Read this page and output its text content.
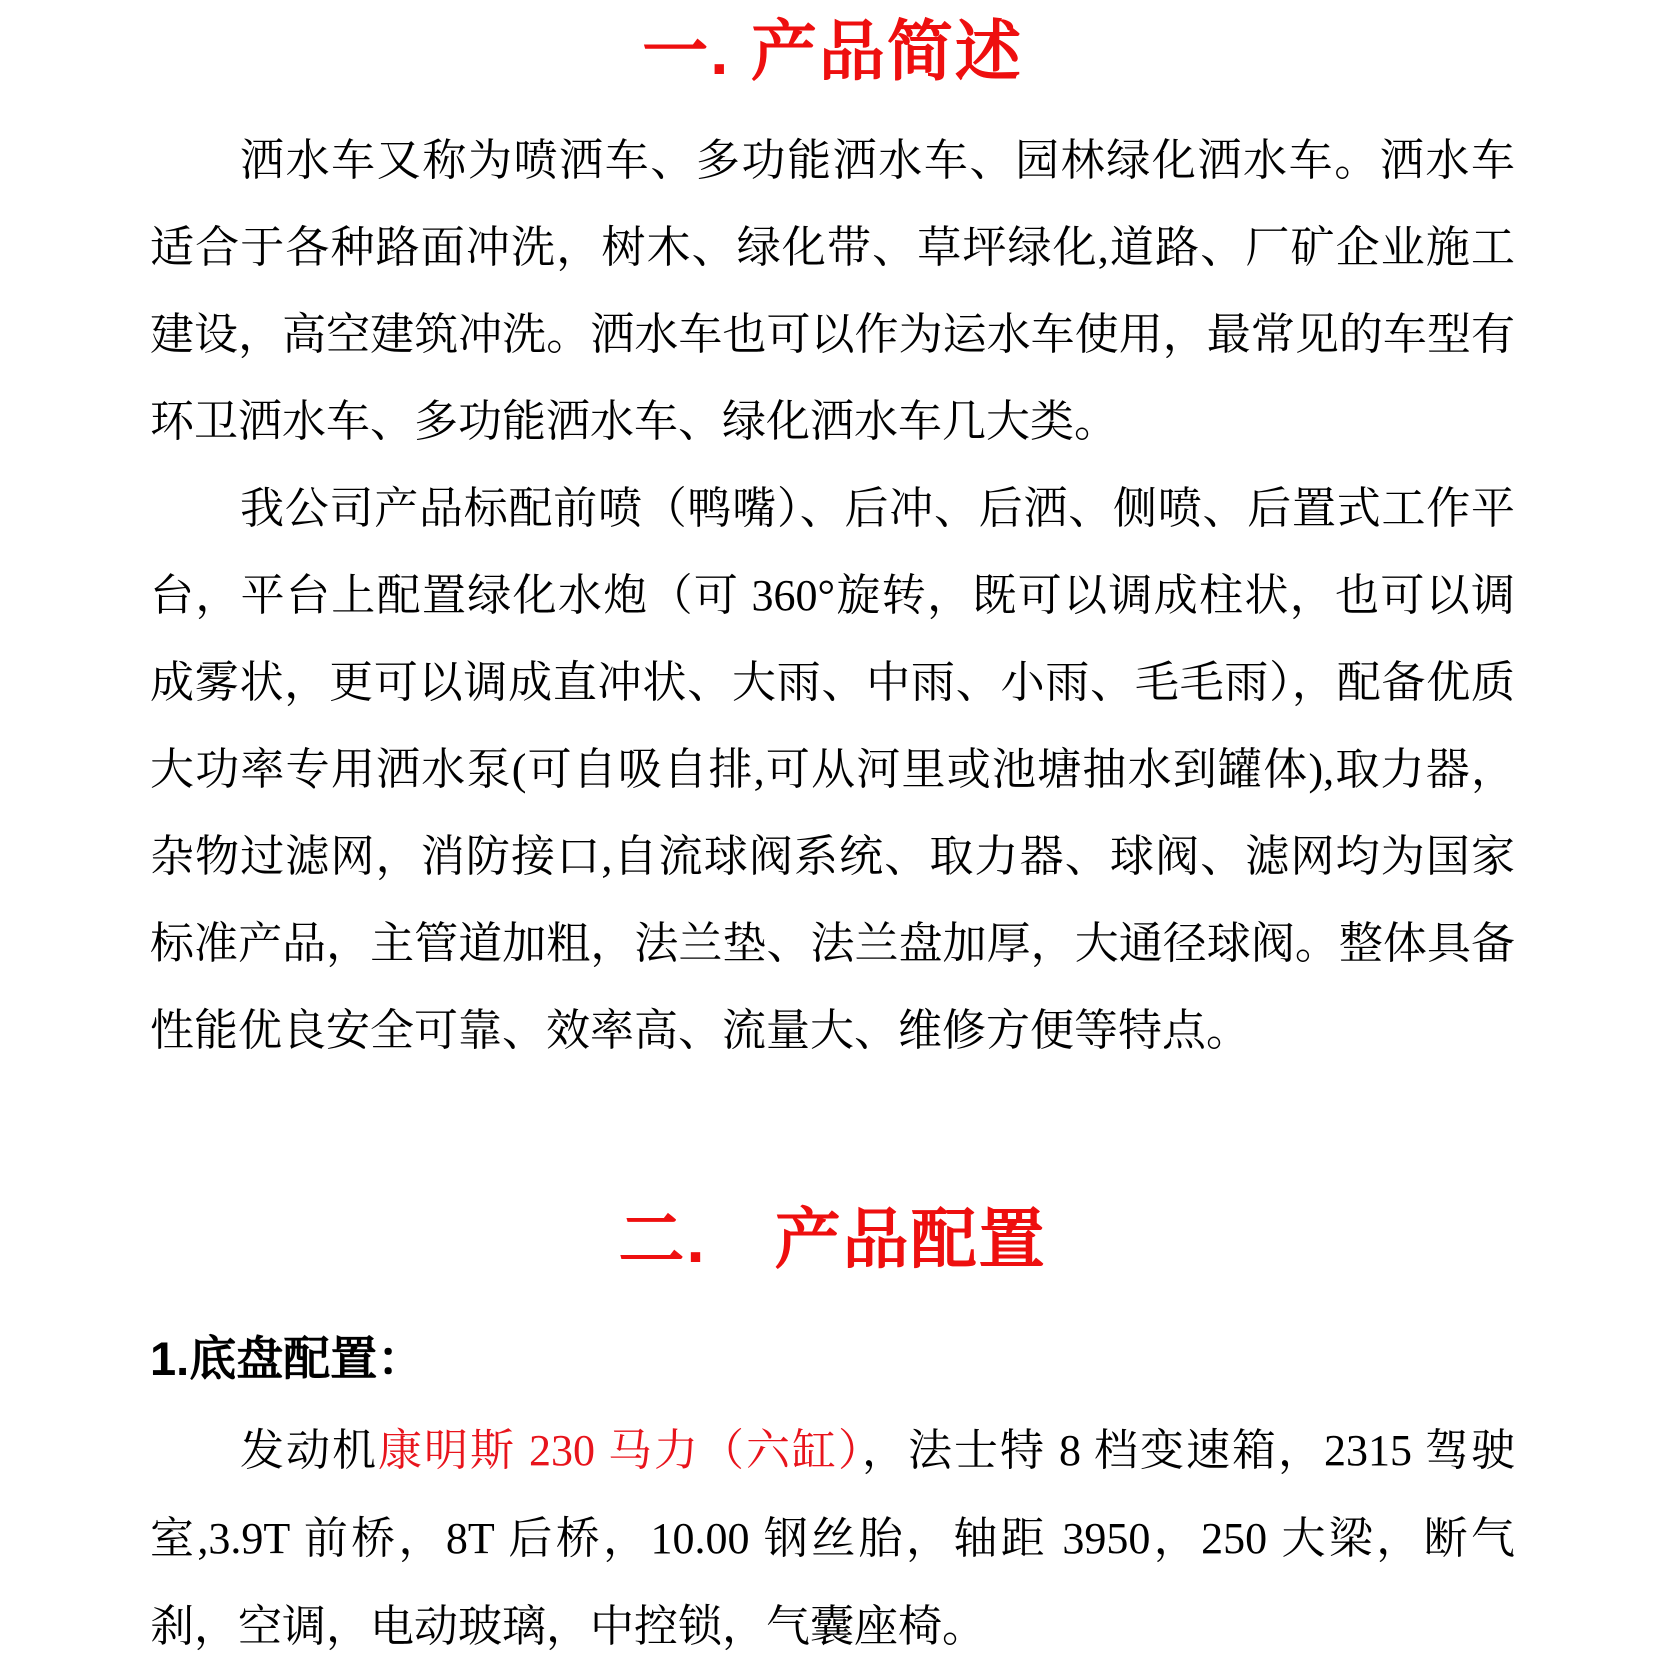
一. 产品简述

洒水车又称为喷洒车、多功能洒水车、园林绿化洒水车。洒水车适合于各种路面冲洗，树木、绿化带、草坪绿化,道路、厂矿企业施工建设，高空建筑冲洗。洒水车也可以作为运水车使用，最常见的车型有环卫洒水车、多功能洒水车、绿化洒水车几大类。

我公司产品标配前喷（鸭嘴）、后冲、后洒、侧喷、后置式工作平台，平台上配置绿化水炮（可 360°旋转，既可以调成柱状，也可以调成雾状，更可以调成直冲状、大雨、中雨、小雨、毛毛雨），配备优质大功率专用洒水泵(可自吸自排,可从河里或池塘抽水到罐体),取力器，杂物过滤网，消防接口,自流球阀系统、取力器、球阀、滤网均为国家标准产品，主管道加粗，法兰垫、法兰盘加厚，大通径球阀。整体具备性能优良安全可靠、效率高、流量大、维修方便等特点。

二.　产品配置
1.底盘配置：

发动机康明斯 230 马力（六缸），法士特 8 档变速箱，2315 驾驶室,3.9T 前桥，8T 后桥，10.00 钢丝胎，轴距 3950，250 大梁，断气刹，空调，电动玻璃，中控锁，气囊座椅。
